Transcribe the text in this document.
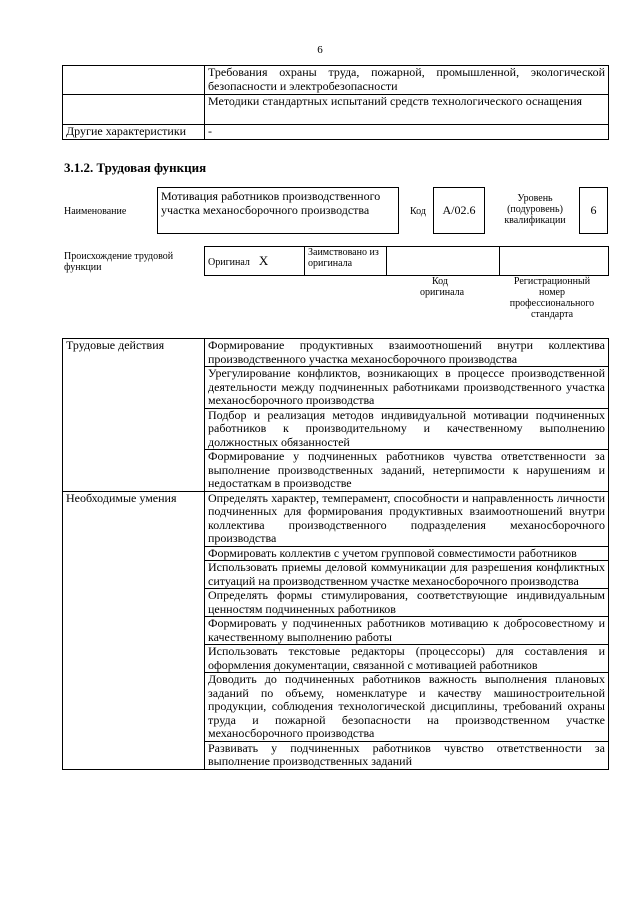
6
	Требования охраны труда, пожарной, промышленной, экологической безопасности и электробезопасности
	Методики стандартных испытаний средств технологического оснащения
Другие характеристики	-
3.1.2. Трудовая функция
Наименование
Мотивация работников производственного участка механосборочного производства	Код	A/02.6
Уровень (подуровень) квалификации
6
Происхождение трудовой функции	Оригинал X	Заимствовано из оригинала		
Код оригинала
Регистрационный номер профессионального стандарта
Трудовые действия	Формирование продуктивных взаимоотношений внутри коллектива производственного участка механосборочного производства
	Урегулирование конфликтов, возникающих в процессе производственной деятельности между подчиненных работниками производственного участка механосборочного производства
	Подбор и реализация методов индивидуальной мотивации подчиненных работников к производительному и качественному выполнению должностных обязанностей
	Формирование у подчиненных работников чувства ответственности за выполнение производственных заданий, нетерпимости к нарушениям и недостаткам в производстве
Необходимые умения	Определять характер, темперамент, способности и направленность личности подчиненных для формирования продуктивных взаимоотношений внутри коллектива производственного подразделения механосборочного производства
	Формировать коллектив с учетом групповой совместимости работников
	Использовать приемы деловой коммуникации для разрешения конфликтных ситуаций на производственном участке механосборочного производства
	Определять формы стимулирования, соответствующие индивидуальным ценностям подчиненных работников
	Формировать у подчиненных работников мотивацию к добросовестному и качественному выполнению работы
	Использовать текстовые редакторы (процессоры) для составления и оформления документации, связанной с мотивацией работников
	Доводить до подчиненных работников важность выполнения плановых заданий по объему, номенклатуре и качеству машиностроительной продукции, соблюдения технологической дисциплины, требований охраны труда и пожарной безопасности на производственном участке механосборочного производства
	Развивать у подчиненных работников чувство ответственности за выполнение производственных заданий
